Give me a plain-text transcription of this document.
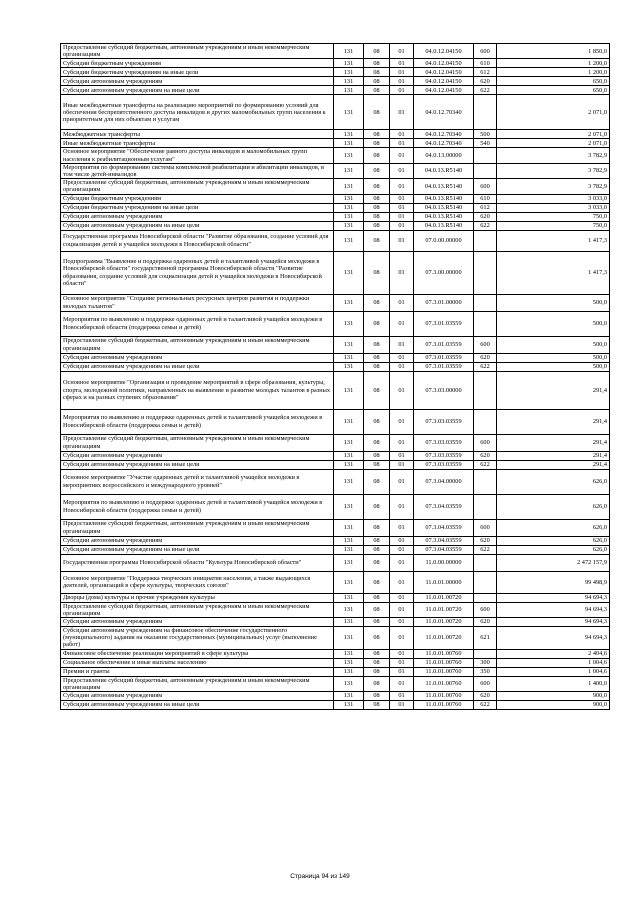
Предоставление субсидий бюджетным, автономным учреждениям и иным некоммерческим организациям	131	08	01	04.0.12.04150	600	1 850,0
Субсидии бюджетным учреждениям	131	08	01	04.0.12.04150	610	1 200,0
Субсидии бюджетным учреждениям на иные цели	131	08	01	04.0.12.04150	612	1 200,0
Субсидии автономным учреждениям	131	08	01	04.0.12.04150	620	650,0
Субсидии автономным учреждениям на иные цели	131	08	01	04.0.12.04150	622	650,0
Иные межбюджетные трансферты на реализацию мероприятий по формированию условий для обеспечения беспрепятственного доступа инвалидов и других маломобильных групп населения к приоритетным для них объектам и услугам	131	08	01	04.0.12.70340		2 071,0
Межбюджетные трансферты	131	08	01	04.0.12.70340	500	2 071,0
Иные межбюджетные трансферты	131	08	01	04.0.12.70340	540	2 071,0
Основное мероприятие "Обеспечение равного доступа инвалидов и маломобильных групп населения к реабилитационным услугам"	131	08	01	04.0.13.00000		3 782,9
Мероприятия по формированию системы комплексной реабилитации и абилитации инвалидов, в том числе детей-инвалидов	131	08	01	04.0.13.R5140		3 782,9
Предоставление субсидий бюджетным, автономным учреждениям и иным некоммерческим организациям	131	08	01	04.0.13.R5140	600	3 782,9
Субсидии бюджетным учреждениям	131	08	01	04.0.13.R5140	610	3 033,0
Субсидии бюджетным учреждениям на иные цели	131	08	01	04.0.13.R5140	612	3 033,0
Субсидии автономным учреждениям	131	08	01	04.0.13.R5140	620	750,0
Субсидии автономным учреждениям на иные цели	131	08	01	04.0.13.R5140	622	750,0
Государственная программа Новосибирской области "Развитие образования, создание условий для социализации детей и учащейся молодежи в Новосибирской области"	131	08	01	07.0.00.00000		1 417,3
Подпрограмма "Выявление и поддержка одаренных детей и талантливой учащейся молодежи в Новосибирской области" государственной программы Новосибирской области "Развитие образования, создание условий для социализации детей и учащейся молодежи в Новосибирской области"	131	08	01	07.3.00.00000		1 417,3
Основное мероприятие "Создание региональных ресурсных центров развития и поддержки молодых талантов"	131	08	01	07.3.01.00000		500,0
Мероприятия по выявлению и поддержке одаренных детей и талантливой учащейся молодежи в Новосибирской области (поддержка семьи и детей)	131	08	01	07.3.01.03559		500,0
Предоставление субсидий бюджетным, автономным учреждениям и иным некоммерческим организациям	131	08	01	07.3.01.03559	600	500,0
Субсидии автономным учреждениям	131	08	01	07.3.01.03559	620	500,0
Субсидии автономным учреждениям на иные цели	131	08	01	07.3.01.03559	622	500,0
Основное мероприятие "Организация и проведение мероприятий в сфере образования, культуры, спорта, молодежной политики, направленных на выявление и развитие молодых талантов в разных сферах и на разных ступенях образования"	131	08	01	07.3.03.00000		291,4
Мероприятия по выявлению и поддержке одаренных детей и талантливой учащейся молодежи в Новосибирской области (поддержка семьи и детей)	131	08	01	07.3.03.03559		291,4
Предоставление субсидий бюджетным, автономным учреждениям и иным некоммерческим организациям	131	08	01	07.3.03.03559	600	291,4
Субсидии автономным учреждениям	131	08	01	07.3.03.03559	620	291,4
Субсидии автономным учреждениям на иные цели	131	08	01	07.3.03.03559	622	291,4
Основное мероприятие "Участие одаренных детей и талантливой учащейся молодежи в мероприятиях всероссийского и международного уровней"	131	08	01	07.3.04.00000		626,0
Мероприятия по выявлению и поддержке одаренных детей и талантливой учащейся молодежи в Новосибирской области (поддержка семьи и детей)	131	08	01	07.3.04.03559		626,0
Предоставление субсидий бюджетным, автономным учреждениям и иным некоммерческим организациям	131	08	01	07.3.04.03559	600	626,0
Субсидии автономным учреждениям	131	08	01	07.3.04.03559	620	626,0
Субсидии автономным учреждениям на иные цели	131	08	01	07.3.04.03559	622	626,0
Государственная программа Новосибирской области "Культура Новосибирской области"	131	08	01	11.0.00.00000		2 472 157,9
Основное мероприятие "Поддержка творческих инициатив населения, а также выдающихся деятелей, организаций в сфере культуры, творческих союзов"	131	08	01	11.0.01.00000		99 498,9
Дворцы (дома) культуры и прочие учреждения культуры	131	08	01	11.0.01.00720		94 694,3
Предоставление субсидий бюджетным, автономным учреждениям и иным некоммерческим организациям	131	08	01	11.0.01.00720	600	94 694,3
Субсидии автономным учреждениям	131	08	01	11.0.01.00720	620	94 694,3
Субсидии автономным учреждениям на финансовое обеспечение государственного (муниципального) задания на оказание государственных (муниципальных) услуг (выполнение работ)	131	08	01	11.0.01.00720	621	94 694,3
Финансовое обеспечение реализации мероприятий в сфере культуры	131	08	01	11.0.01.00760		2 404,6
Социальное обеспечение и иные выплаты населению	131	08	01	11.0.01.00760	300	1 004,6
Премии и гранты	131	08	01	11.0.01.00760	350	1 004,6
Предоставление субсидий бюджетным, автономным учреждениям и иным некоммерческим организациям	131	08	01	11.0.01.00760	600	1 400,0
Субсидии автономным учреждениям	131	08	01	11.0.01.00760	620	900,0
Субсидии автономным учреждениям на иные цели	131	08	01	11.0.01.00760	622	900,0
Страница 94 из 149
